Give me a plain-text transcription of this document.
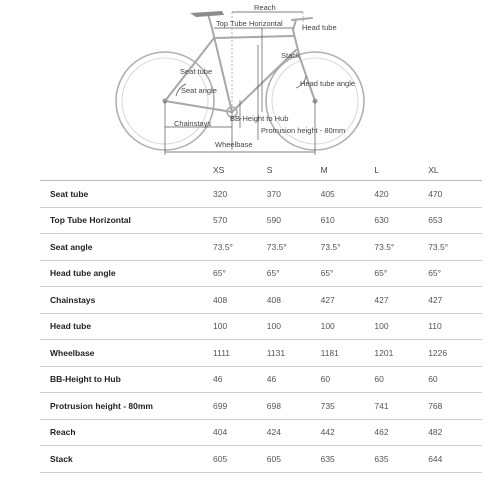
Reach
Top Tube Horizontal	Head tube
Stack
Seat tube
Seat angle
Head tube angle
Chainstays
BB-Height to Hub
Protrusion height - 80mm
Wheelbase
	XS	S	M	L	XL
Seat tube	320	370	405	420	470
Top Tube Horizontal	570	590	610	630	653
Seat angle	73.5°	73.5°	73.5°	73.5°	73.5°
Head tube angle	65°	65°	65°	65°	65°
Chainstays	408	408	427	427	427
Head tube	100	100	100	100	110
Wheelbase	1111	1131	1181	1201	1226
BB-Height to Hub	46	46	60	60	60
Protrusion height - 80mm	699	698	735	741	768
Reach	404	424	442	462	482
Stack	605	605	635	635	644
